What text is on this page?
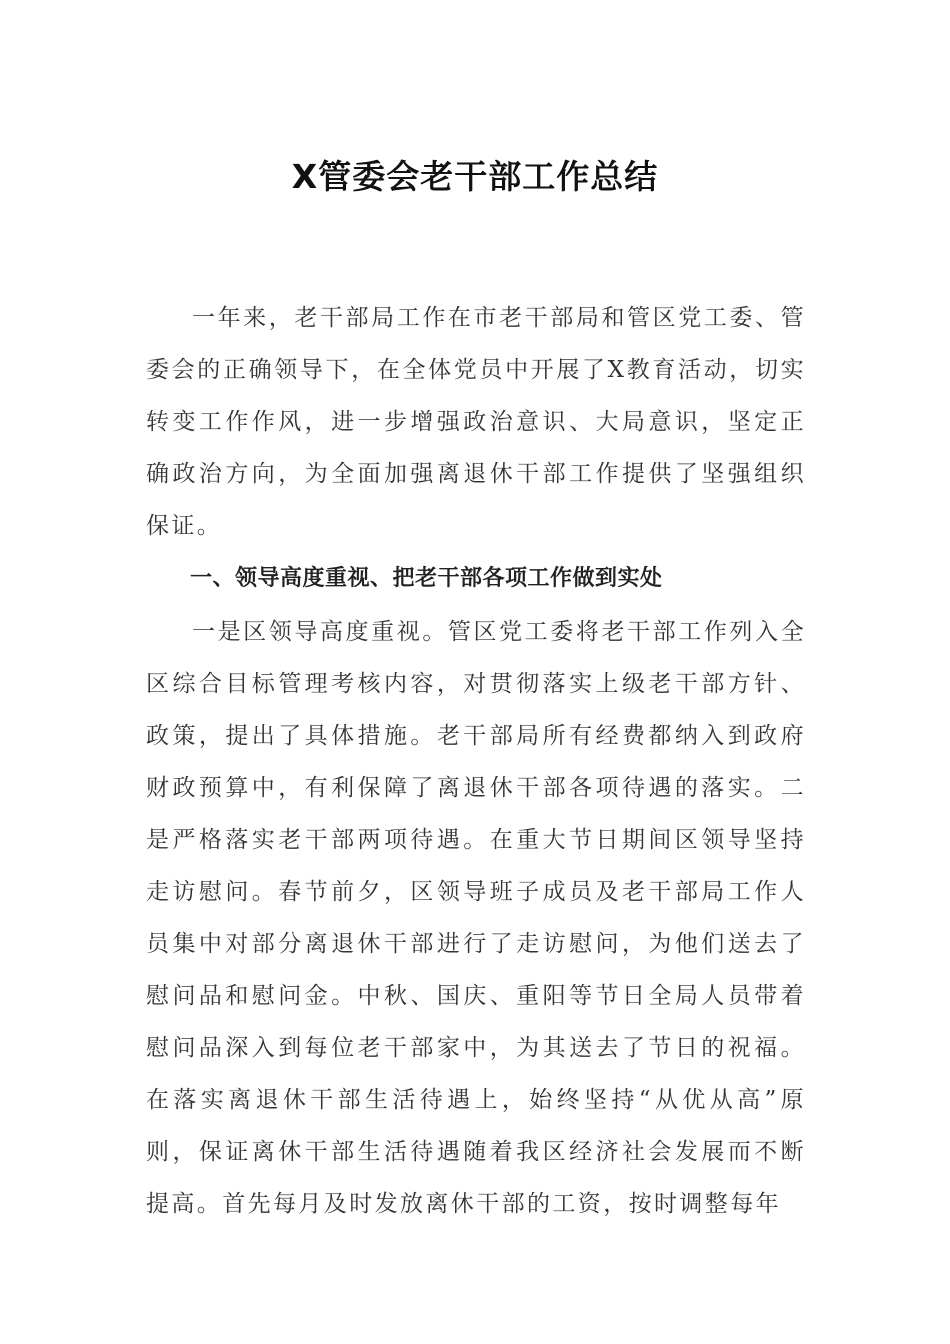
X管委会老干部工作总结

一年来，老干部局工作在市老干部局和管区党工委、管委会的正确领导下，在全体党员中开展了X教育活动，切实转变工作作风，进一步增强政治意识、大局意识，坚定正确政治方向，为全面加强离退休干部工作提供了坚强组织保证。

一、领导高度重视、把老干部各项工作做到实处

一是区领导高度重视。管区党工委将老干部工作列入全区综合目标管理考核内容，对贯彻落实上级老干部方针、政策，提出了具体措施。老干部局所有经费都纳入到政府财政预算中，有利保障了离退休干部各项待遇的落实。二是严格落实老干部两项待遇。在重大节日期间区领导坚持走访慰问。春节前夕，区领导班子成员及老干部局工作人员集中对部分离退休干部进行了走访慰问，为他们送去了慰问品和慰问金。中秋、国庆、重阳等节日全局人员带着慰问品深入到每位老干部家中，为其送去了节日的祝福。在落实离退休干部生活待遇上，始终坚持“从优从高”原则，保证离休干部生活待遇随着我区经济社会发展而不断提高。首先每月及时发放离休干部的工资，按时调整每年
